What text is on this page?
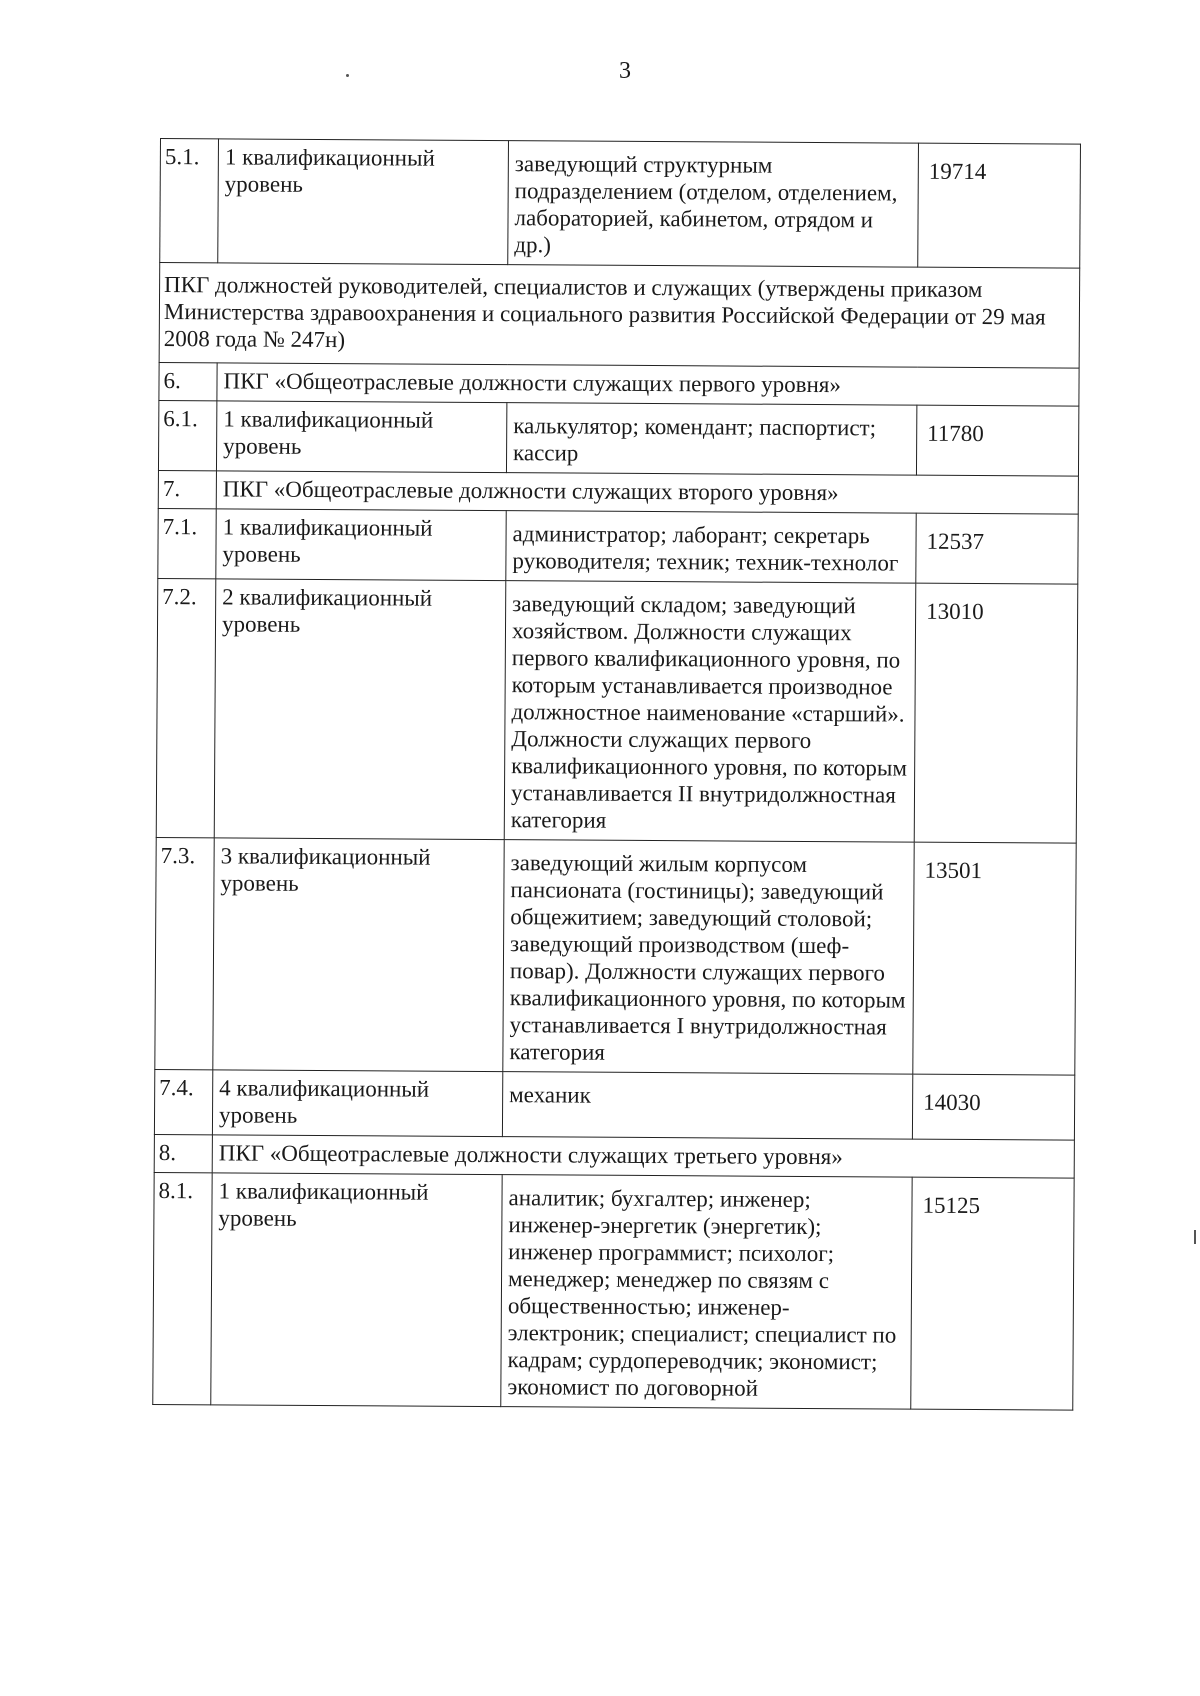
3
5.1.	1 квалификационный уровень	заведующий структурным подразделением (отделом, отделением, лабораторией, кабинетом, отрядом и др.)	19714
ПКГ должностей руководителей, специалистов и служащих (утверждены приказом Министерства здравоохранения и социального развития Российской Федерации от 29 мая 2008 года № 247н)			
6.	ПКГ «Общеотраслевые должности служащих первого уровня»		
6.1.	1 квалификационный уровень	калькулятор; комендант; паспортист; кассир	11780
7.	ПКГ «Общеотраслевые должности служащих второго уровня»		
7.1.	1 квалификационный уровень	администратор; лаборант; секретарь руководителя; техник; техник-технолог	12537
7.2.	2 квалификационный уровень	заведующий складом; заведующий хозяйством. Должности служащих первого квалификационного уровня, по которым устанавливается производное должностное наименование «старший». Должности служащих первого квалификационного уровня, по которым устанавливается II внутридолжностная категория	13010
7.3.	3 квалификационный уровень	заведующий жилым корпусом пансионата (гостиницы); заведующий общежитием; заведующий столовой; заведующий производством (шеф-повар). Должности служащих первого квалификационного уровня, по которым устанавливается I внутридолжностная категория	13501
7.4.	4 квалификационный уровень	механик	14030
8.	ПКГ «Общеотраслевые должности служащих третьего уровня»		
8.1.	1 квалификационный уровень	аналитик; бухгалтер; инженер; инженер-энергетик (энергетик); инженер программист; психолог; менеджер; менеджер по связям с общественностью; инженер-электроник; специалист; специалист по кадрам; сурдопереводчик; экономист; экономист по договорной	15125
